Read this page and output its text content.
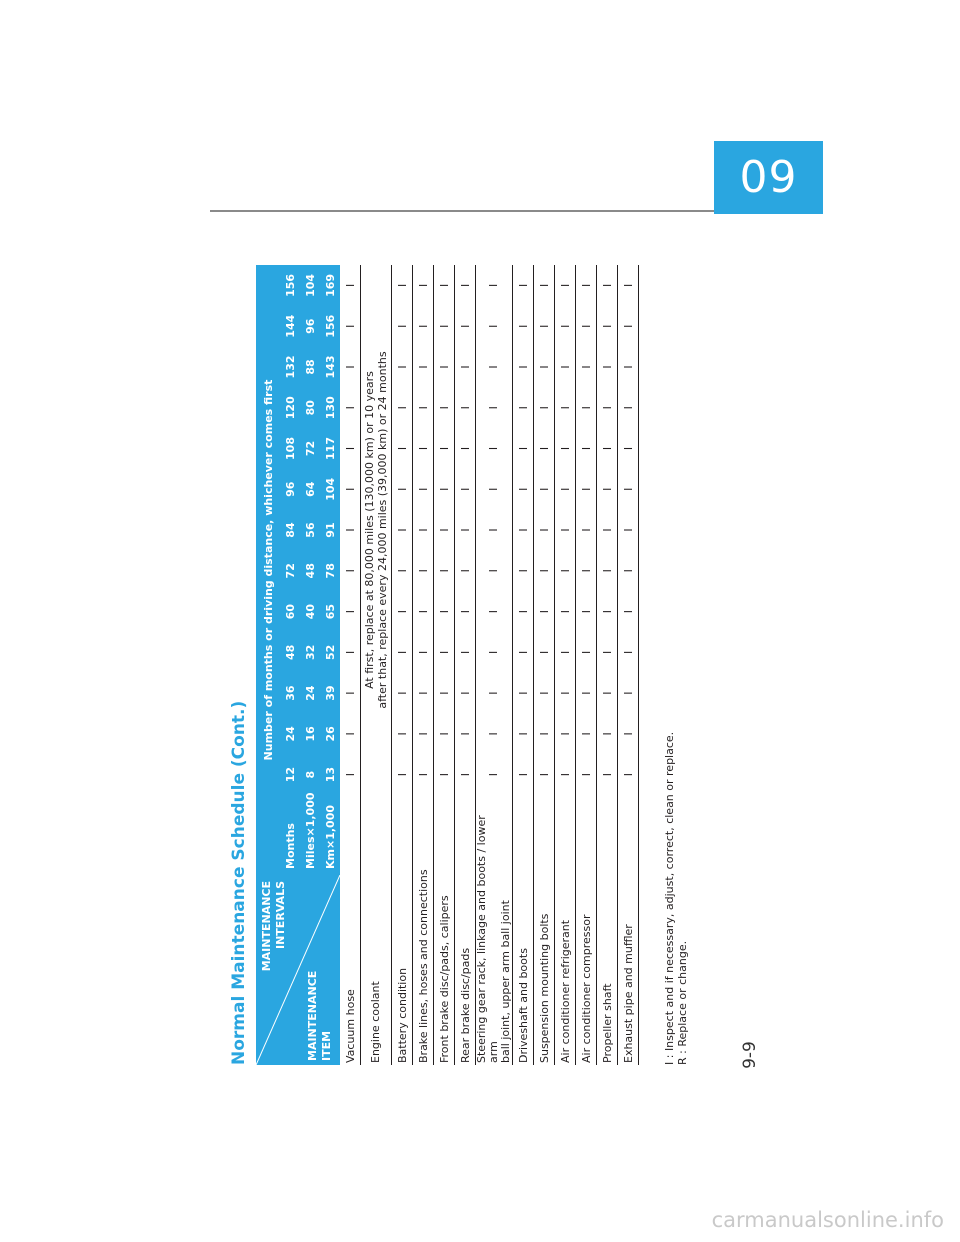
09
Normal Maintenance Schedule (Cont.)	MAINTENANCE INTERVALS
MAINTENANCE ITEM	Number of months or driving distance, whichever comes first													
	Months	12	24	36	48	60	72	84	96	108	120	132	144	156
	Miles×1,000	8	16	24	32	40	48	56	64	72	80	88	96	104
	Km×1,000	13	26	39	52	65	78	91	104	117	130	143	156	169
Vacuum hose		I	I	I	I	I	I	I	I	I	I	I	I	I
Engine coolant		At first, replace at 80,000 miles (130,000 km) or 10 years after that, replace every 24,000 miles (39,000 km) or 24 months												

Battery condition		I	I	I	I	I	I	I	I	I	I	I	I	I
Brake lines, hoses and connections		I	I	I	I	I	I	I	I	I	I	I	I	I
Front brake disc/pads, calipers		I	I	I	I	I	I	I	I	I	I	I	I	I
Rear brake disc/pads		I	I	I	I	I	I	I	I	I	I	I	I	I

Steering gear rack, linkage and boots / lower arm ball joint, upper arm ball joint		I	I	I	I	I	I	I	I	I	I	I	I	I
Driveshaft and boots		I	I	I	I	I	I	I	I	I	I	I	I	I
Suspension mounting bolts		I	I	I	I	I	I	I	I	I	I	I	I	I
Air conditioner refrigerant		I	I	I	I	I	I	I	I	I	I	I	I	I
Air conditioner compressor		I	I	I	I	I	I	I	I	I	I	I	I	I
Propeller shaft		I	I	I	I	I	I	I	I	I	I	I	I	I
Exhaust pipe and muffler		I	I	I	I	I	I	I	I	I	I	I	I	I
I : Inspect and if necessary, adjust, correct, clean or replace. R : Replace or change.	9-9
carmanualsonline.info
